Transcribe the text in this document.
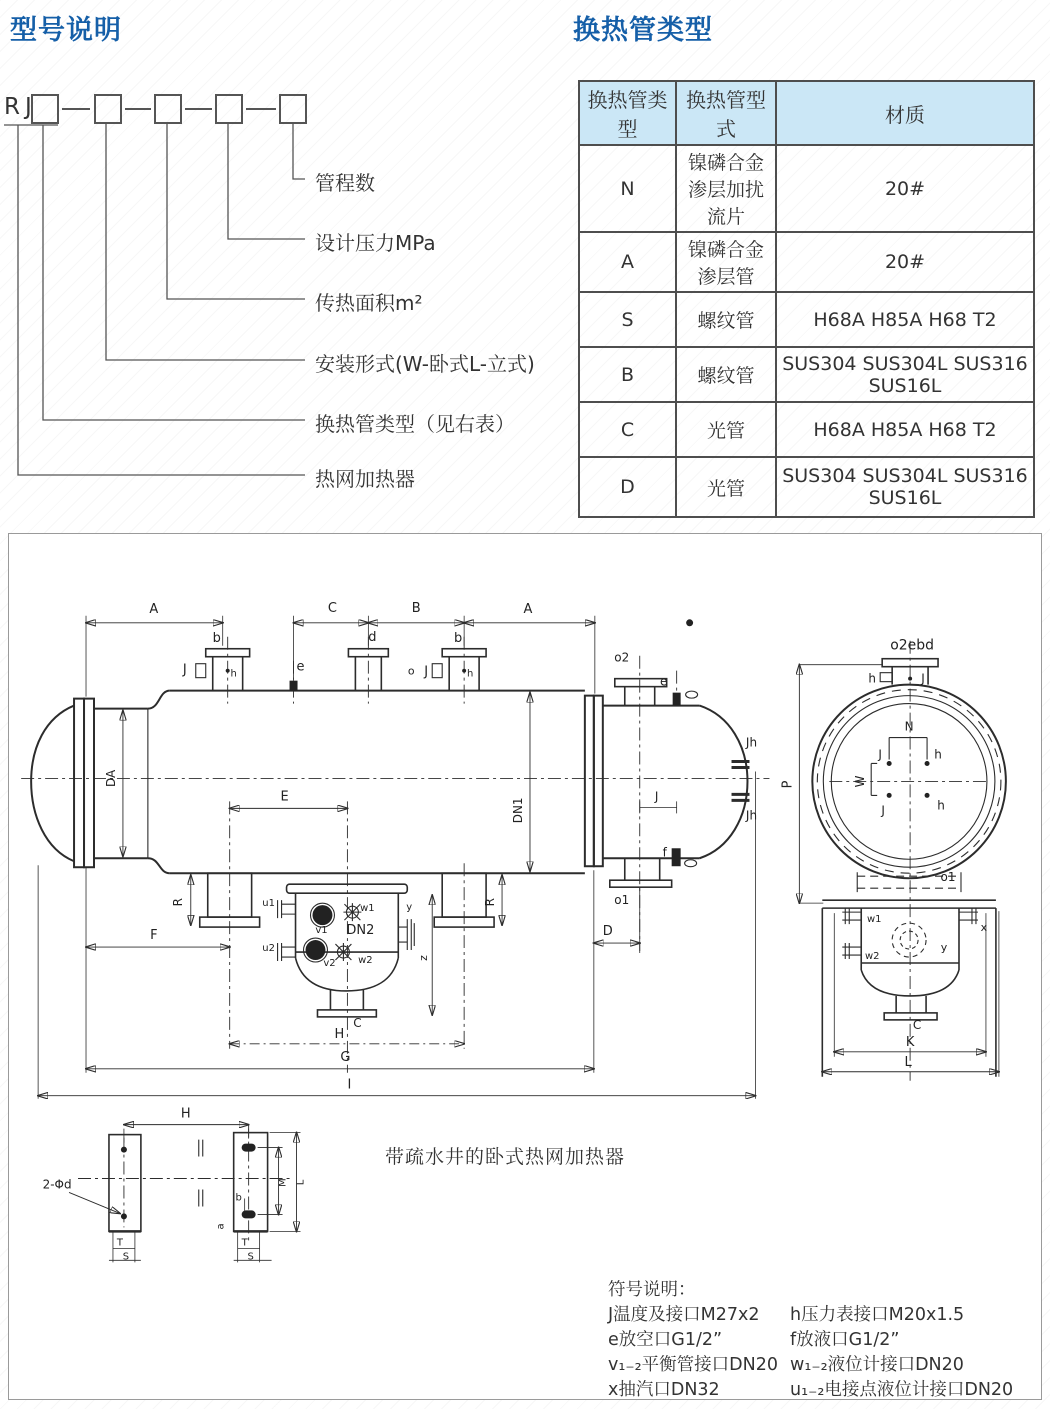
型号说明	换热管类型
RJ
管程数
设计压力MPa
传热面积m²
安装形式(W-卧式L-立式)
换热管类型（见右表）
热网加热器
换热管类型	换热管型式	材质
N	镍磷合金渗层加扰流片	20#
A	镍磷合金渗层管	20#
S	螺纹管	H68A H85A H68 T2
B	螺纹管	SUS304 SUS304L SUS316 SUS16L
C	光管	H68A H85A H68 T2
D	光管	SUS304 SUS304L SUS316 SUS16L
A	C	B	A
b
J	h	e
d	b
o J	h
o2
e
Jh
Jh
DA
DN1
E
R	R
u1
u2
v1
w1
DN2
v2 w2
y
z
J
f
o1
D
C
H
G
I
F
o2ebd
h	J
P
N
J	h
W
J	h
o1
w1
w2
x
y
C
K
L
H
2-Φd
T
S
b
a
M L
T
S
带疏水井的卧式热网加热器
符号说明：
J温度及接口M27x2	h压力表接口M20x1.5
e放空口G1/2”	f放液口G1/2”
v₁₋₂平衡管接口DN20 w₁₋₂液位计接口DN20
x抽汽口DN32	u₁₋₂电接点液位计接口DN20
